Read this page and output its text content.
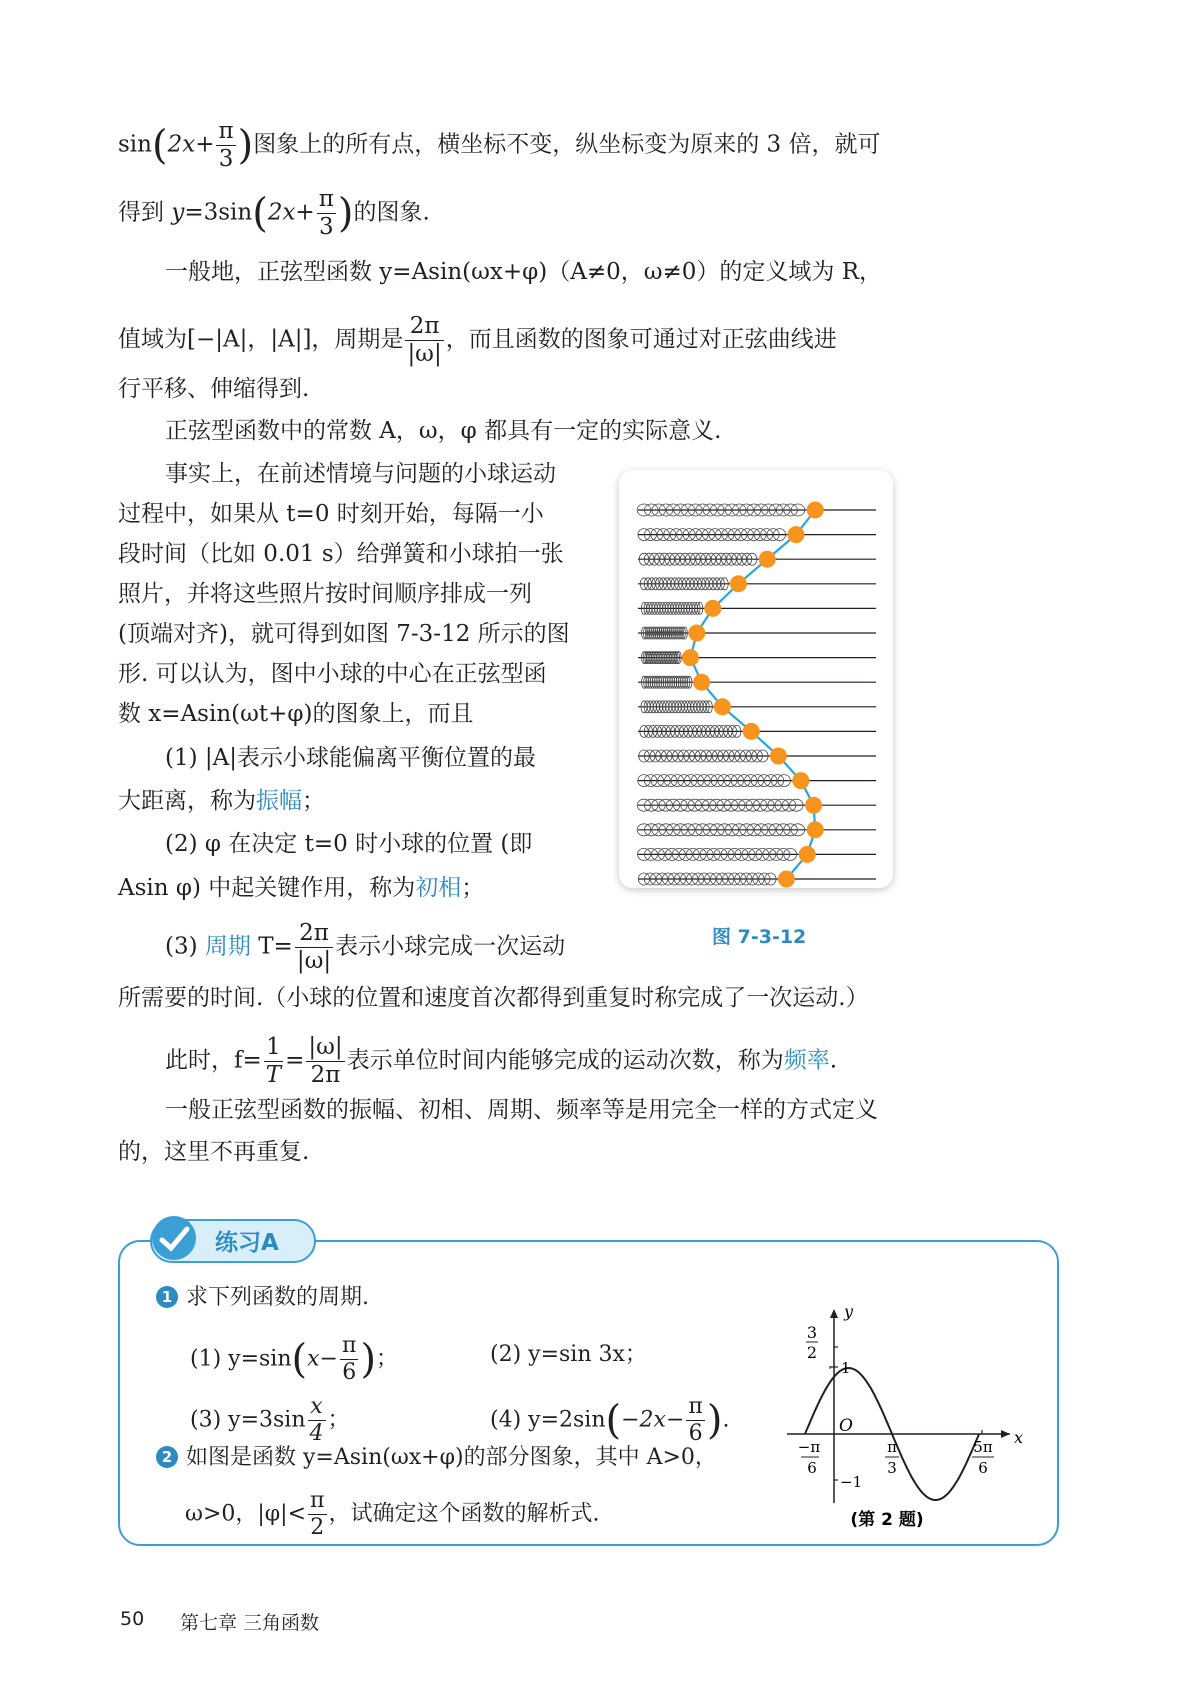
$\sin(2x+ \frac{\pi}{3}$ )图象上的所有点，横坐标不变，纵坐标变为原来的 3 倍，就可
得到 $y=3\sin(2x+ \frac{\pi}{3}$ )的图象.
一般地，正弦型函数 y=Asin(ωx+φ)（A≠0，ω≠0）的定义域为 R，
值域为[−|A|，|A|]，周期是 $\frac{2\pi}{|\omega|}$ ，而且函数的图象可通过对正弦曲线进
行平移、伸缩得到.
正弦型函数中的常数 A，ω，φ 都具有一定的实际意义.
事实上，在前述情境与问题的小球运动
过程中，如果从 t=0 时刻开始，每隔一小
段时间（比如 0.01 s）给弹簧和小球拍一张
照片，并将这些照片按时间顺序排成一列
(顶端对齐)，就可得到如图 7-3-12 所示的图
形. 可以认为，图中小球的中心在正弦型函
数 x=Asin(ωt+φ)的图象上，而且
(1) |A|表示小球能偏离平衡位置的最
大距离，称为振幅；
(2) φ 在决定 t=0 时小球的位置 (即
Asin φ) 中起关键作用，称为初相；
(3) 周期 $T= \frac{2\pi}{|\omega|}$ 表示小球完成一次运动
所需要的时间.（小球的位置和速度首次都得到重复时称完成了一次运动.）
此时，$f= \frac{1}{T} = \frac{|\omega|}{2\pi}$ 表示单位时间内能够完成的运动次数，称为频率.
一般正弦型函数的振幅、初相、周期、频率等是用完全一样的方式定义
的，这里不再重复.
图 7-3-12
练习A
1 求下列函数的周期.
(1) $y=\sin(x- \frac{\pi}{6}$ )；	(2) y=sin 3x；
(3) $y=3\sin \frac{x}{4}$ ；	(4) $y=2\sin(-2x- \frac{\pi}{6}$ ).
2 如图是函数 y=Asin(ωx+φ)的部分图象，其中 A>0，
ω>0，$|\varphi|< \frac{\pi}{2}$ ，试确定这个函数的解析式.
y
x
O
3
2
1
−1
−π
6
π
3
5π
6
(第 2 题)
50 第七章 三角函数
